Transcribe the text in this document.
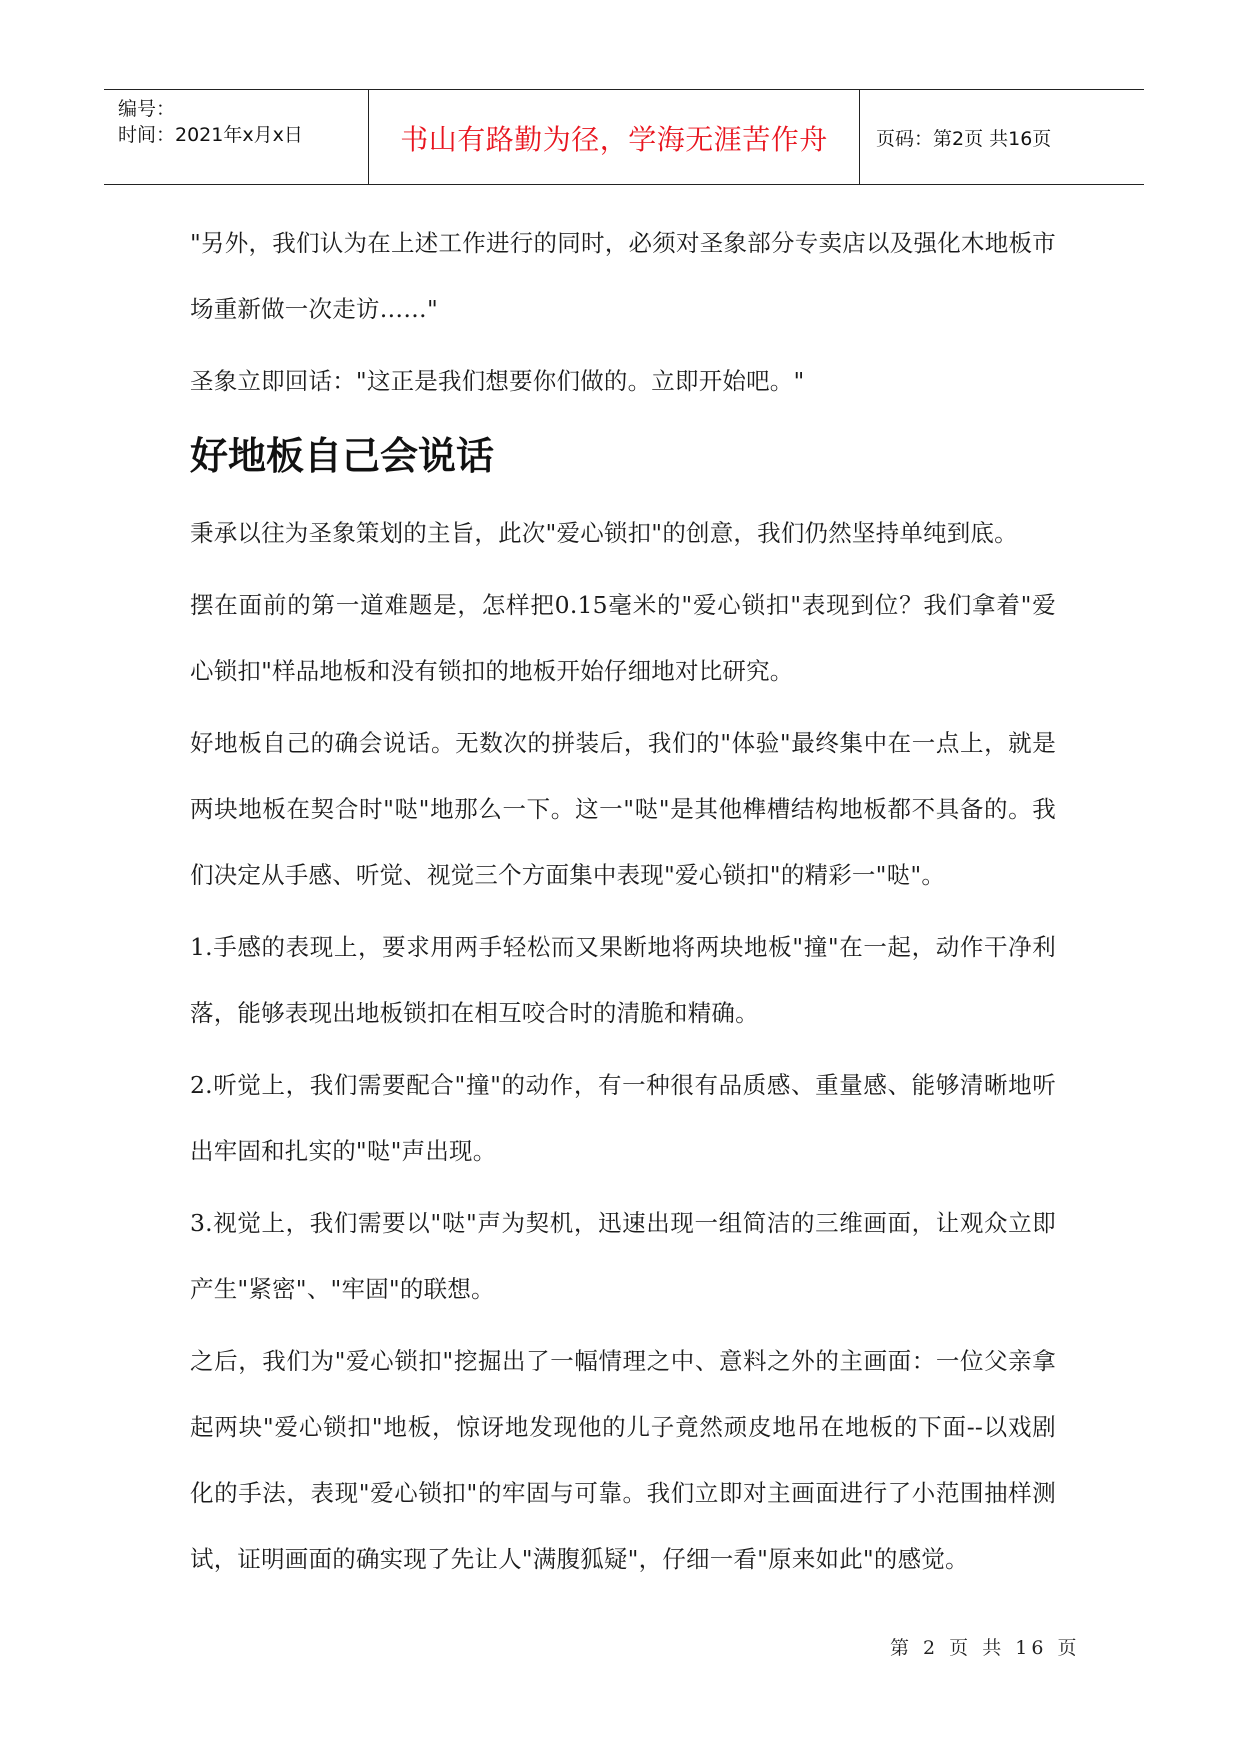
编号：
时间：2021年x月x日	书山有路勤为径，学海无涯苦作舟	页码：第2页 共16页

"另外，我们认为在上述工作进行的同时，必须对圣象部分专卖店以及强化木地板市场重新做一次走访……"

圣象立即回话："这正是我们想要你们做的。立即开始吧。"

好地板自己会说话

秉承以往为圣象策划的主旨，此次"爱心锁扣"的创意，我们仍然坚持单纯到底。

摆在面前的第一道难题是，怎样把0.15毫米的"爱心锁扣"表现到位？我们拿着"爱心锁扣"样品地板和没有锁扣的地板开始仔细地对比研究。

好地板自己的确会说话。无数次的拼装后，我们的"体验"最终集中在一点上，就是两块地板在契合时"哒"地那么一下。这一"哒"是其他榫槽结构地板都不具备的。我们决定从手感、听觉、视觉三个方面集中表现"爱心锁扣"的精彩一"哒"。

1.手感的表现上，要求用两手轻松而又果断地将两块地板"撞"在一起，动作干净利落，能够表现出地板锁扣在相互咬合时的清脆和精确。

2.听觉上，我们需要配合"撞"的动作，有一种很有品质感、重量感、能够清晰地听出牢固和扎实的"哒"声出现。

3.视觉上，我们需要以"哒"声为契机，迅速出现一组简洁的三维画面，让观众立即产生"紧密"、"牢固"的联想。

之后，我们为"爱心锁扣"挖掘出了一幅情理之中、意料之外的主画面：一位父亲拿起两块"爱心锁扣"地板，惊讶地发现他的儿子竟然顽皮地吊在地板的下面--以戏剧化的手法，表现"爱心锁扣"的牢固与可靠。我们立即对主画面进行了小范围抽样测试，证明画面的确实现了先让人"满腹狐疑"，仔细一看"原来如此"的感觉。

第 2 页 共 16 页
